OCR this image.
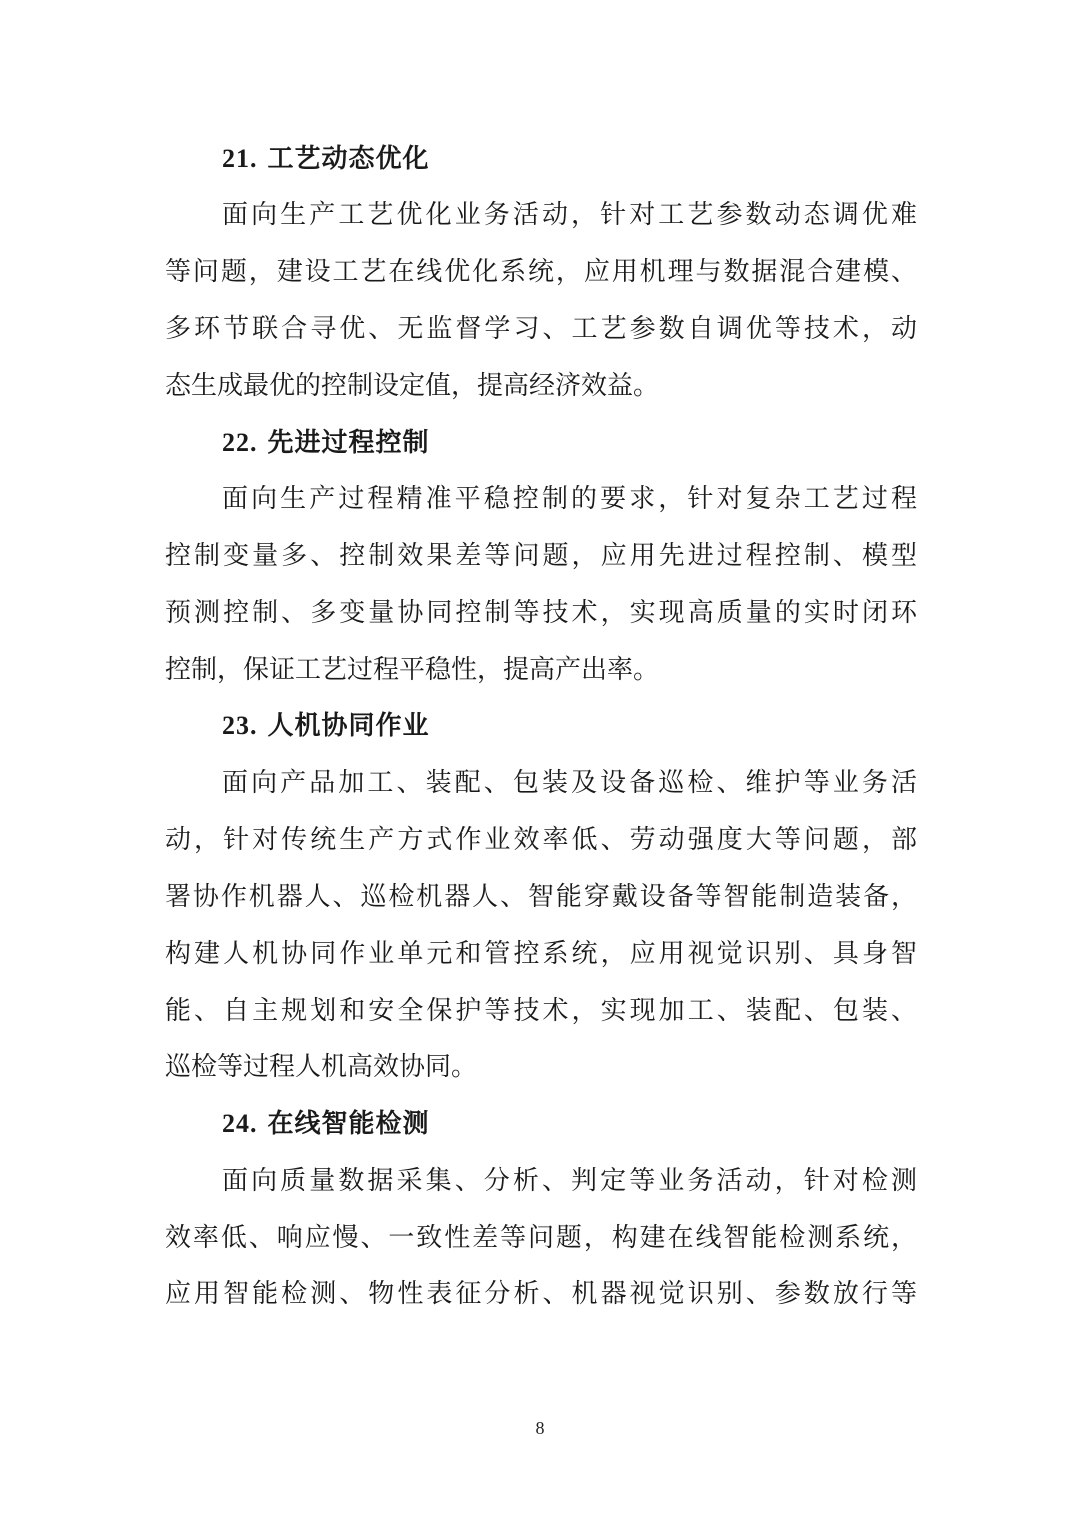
21. 工艺动态优化
面向生产工艺优化业务活动，针对工艺参数动态调优难
等问题，建设工艺在线优化系统，应用机理与数据混合建模、
多环节联合寻优、无监督学习、工艺参数自调优等技术，动
态生成最优的控制设定值，提高经济效益。
22. 先进过程控制
面向生产过程精准平稳控制的要求，针对复杂工艺过程
控制变量多、控制效果差等问题，应用先进过程控制、模型
预测控制、多变量协同控制等技术，实现高质量的实时闭环
控制，保证工艺过程平稳性，提高产出率。
23. 人机协同作业
面向产品加工、装配、包装及设备巡检、维护等业务活
动，针对传统生产方式作业效率低、劳动强度大等问题，部
署协作机器人、巡检机器人、智能穿戴设备等智能制造装备，
构建人机协同作业单元和管控系统，应用视觉识别、具身智
能、自主规划和安全保护等技术，实现加工、装配、包装、
巡检等过程人机高效协同。
24. 在线智能检测
面向质量数据采集、分析、判定等业务活动，针对检测
效率低、响应慢、一致性差等问题，构建在线智能检测系统，
应用智能检测、物性表征分析、机器视觉识别、参数放行等
8
